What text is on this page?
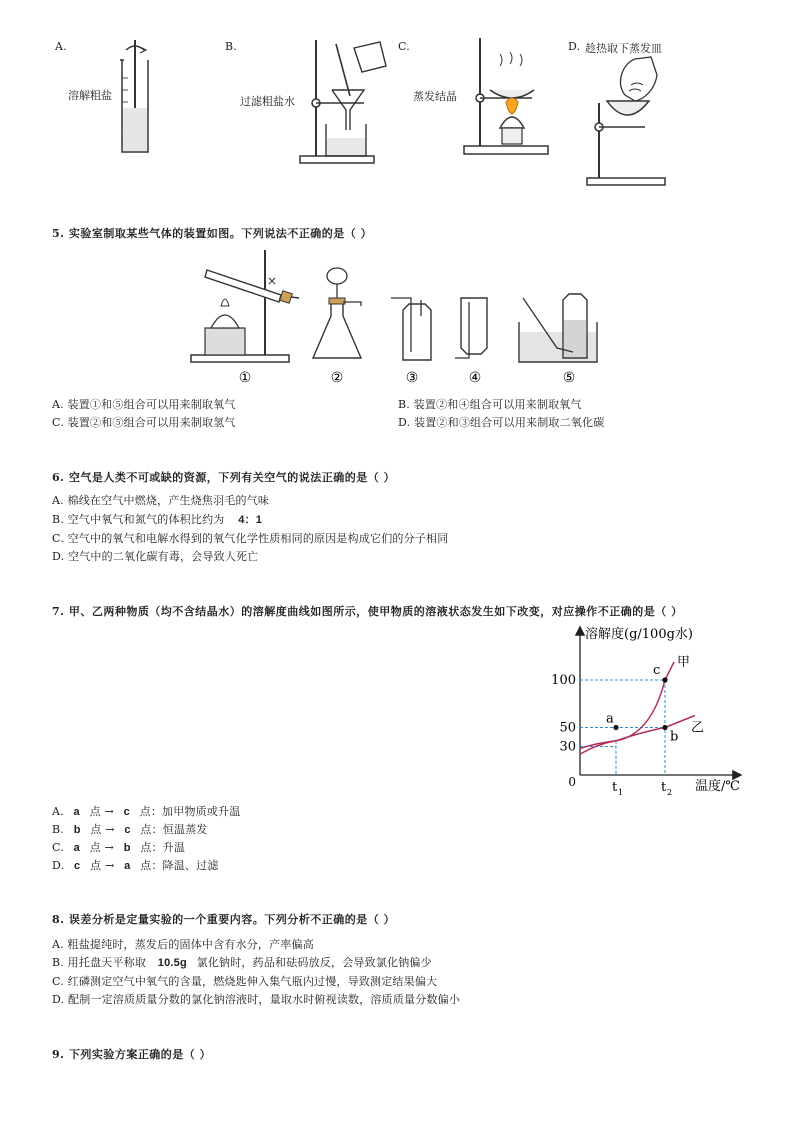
A.
溶解粗盐
B.
过滤粗盐水
C.
蒸发结晶
D. 趁热取下蒸发皿
5. 实验室制取某些气体的装置如图。下列说法不正确的是（ ）
①	②	③	④	⑤
A. 装置①和⑤组合可以用来制取氧气	B. 装置②和④组合可以用来制取氧气
C. 装置②和⑤组合可以用来制取氢气	D. 装置②和③组合可以用来制取二氧化碳
6. 空气是人类不可或缺的资源，下列有关空气的说法正确的是（ ）
A. 棉线在空气中燃烧，产生烧焦羽毛的气味
B. 空气中氧气和氮气的体积比约为 4：1
C. 空气中的氧气和电解水得到的氧气化学性质相同的原因是构成它们的分子相同
D. 空气中的二氧化碳有毒，会导致人死亡
7. 甲、乙两种物质（均不含结晶水）的溶解度曲线如图所示，使甲物质的溶液状态发生如下改变，对应操作不正确的是（ ）
溶解度(g/100g水)
温度/℃
0
甲
乙
100
50
30
t 1	t 2
a
b
c
A. a 点 → c 点：加甲物质或升温
B. b 点 → c 点：恒温蒸发
C. a 点 → b 点：升温
D. c 点 → a 点：降温、过滤
8. 误差分析是定量实验的一个重要内容。下列分析不正确的是（ ）
A. 粗盐提纯时，蒸发后的固体中含有水分，产率偏高
B. 用托盘天平称取 10.5g 氯化钠时，药品和砝码放反，会导致氯化钠偏少
C. 红磷测定空气中氧气的含量，燃烧匙伸入集气瓶内过慢，导致测定结果偏大
D. 配制一定溶质质量分数的氯化钠溶液时，量取水时俯视读数，溶质质量分数偏小
9. 下列实验方案正确的是（ ）
